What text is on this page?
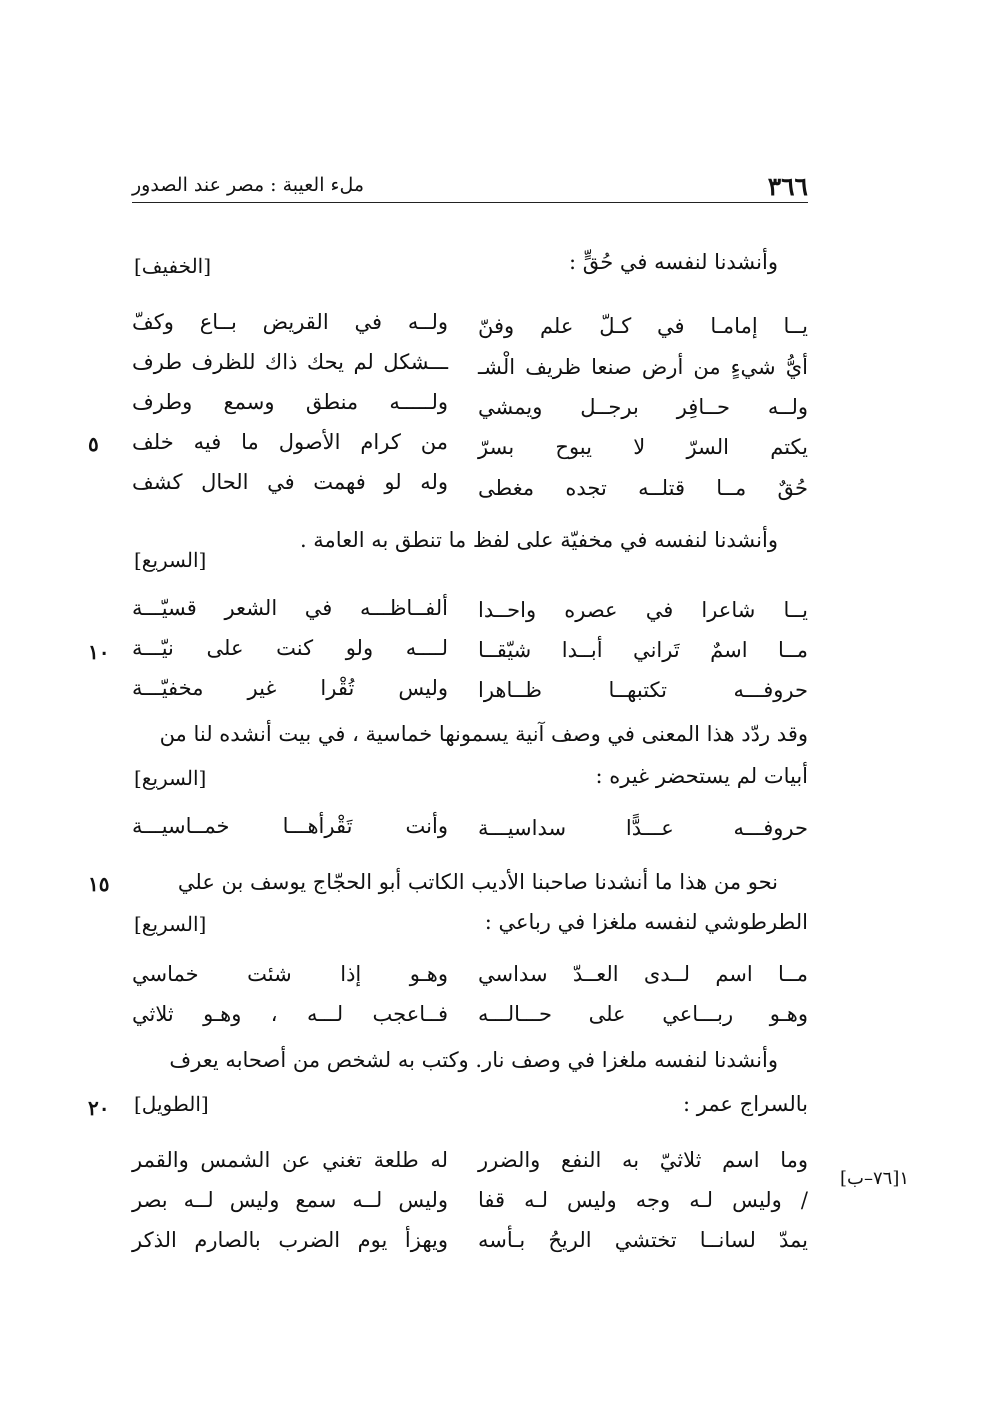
٣٦٦
ملء العيبة : مصر عند الصدور
وأنشدنا لنفسه في حُقٍّ :
[الخفيف]
يــا إمامـا في كـلّ علم وفنّ
ولــه في القريض بــاع وكفّ
أيُّ شيءٍ من أرض صنعا ظريف الْشـ
ـــشكل لم يحك ذاك للظرف طرف
ولــه حــافِر برجــل ويمشي
ولـــــه منطق وسمع وطرف
يكتم السرّ لا يبوح بسرّ
من كرام الأصول ما فيه خلف
٥
حُقٌ مــا قتلــه تجده مغطى
وله لو فهمت في الحال كشف
وأنشدنا لنفسه في مخفيّة على لفظ ما تنطق به العامة .
[السريع]
يــا شاعرا في عصره واحــدا
ألفــاظـــه في الشعر قسيّـــة
مــا اسمٌ تَراني أبــدا شيّقــا
لــــه ولو كنت على نيّـــة
١٠
حروفـــه تكتبهــا ظــاهرا
وليس تُقْرا غير مخفيّـــة
وقد ردّد هذا المعنى في وصف آنية يسمونها خماسية ، في بيت أنشده لنا من
أبيات لم يستحضر غيره :
[السريع]
حروفـــه عـــدًّا سداسيـــة
وأنت تَقْرأهـــا خمــاسيـــة
نحو من هذا ما أنشدنا صاحبنا الأديب الكاتب أبو الحجّاج يوسف بن علي
١٥
الطرطوشي لنفسه ملغزا في رباعي :
[السريع]
مــا اسم لــدى العــدّ سداسي
وهـو إذا شئت خماسي
وهـو ربـــاعي على حـــالـــه
فــاعجب لـــه ، وهـو ثلاثي
وأنشدنا لنفسه ملغزا في وصف نار. وكتب به لشخص من أصحابه يعرف
بالسراج عمر :
[الطويل]
٢٠
وما اسم ثلاثيّ به النفع والضرر
له طلعة تغني عن الشمس والقمر
/ وليس لـه وجه وليس لـه قفا
وليس لــه سمع وليس لــه بصر
يمدّ لسانــا تختشي الريحُ بـأسه
ويهزأ يوم الضرب بالصارم الذكر
[٧٦–ب]١
